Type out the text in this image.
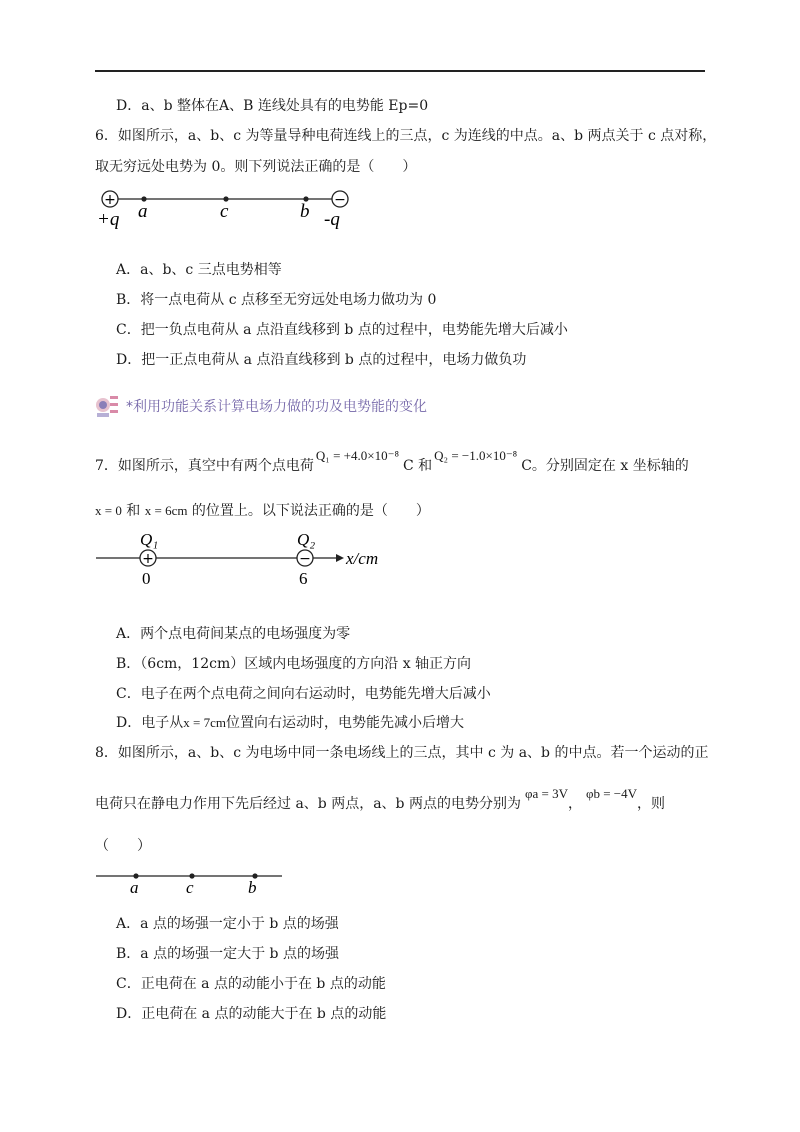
D．a、b 整体在A、B 连线处具有的电势能 Ep=0
6．如图所示，a、b、c 为等量导种电荷连线上的三点，c 为连线的中点。a、b 两点关于 c 点对称，
取无穷远处电势为 0。则下列说法正确的是（　　）
+	−
+q a	c	b -q
A．a、b、c 三点电势相等
B．将一点电荷从 c 点移至无穷远处电场力做功为 0
C．把一负点电荷从 a 点沿直线移到 b 点的过程中，电势能先增大后减小
D．把一正点电荷从 a 点沿直线移到 b 点的过程中，电场力做负功
*利用功能关系计算电场力做的功及电势能的变化
7．如图所示，真空中有两个点电荷Q₁ = +4.0×10⁻⁸C 和Q₂ = −1.0×10⁻⁸C。分别固定在 x 坐标轴的
x = 0 和 x = 6cm 的位置上。以下说法正确的是（　　）
+	−
Q₁	Q₂
0	6
x/cm
A．两个点电荷间某点的电场强度为零
B．（6cm，12cm）区域内电场强度的方向沿 x 轴正方向
C．电子在两个点电荷之间向右运动时，电势能先增大后减小
D．电子从x = 7cm位置向右运动时，电势能先减小后增大
8．如图所示，a、b、c 为电场中同一条电场线上的三点，其中 c 为 a、b 的中点。若一个运动的正
电荷只在静电力作用下先后经过 a、b 两点，a、b 两点的电势分别为φa = 3V，φb = −4V，则
（　　）
a	c	b
A．a 点的场强一定小于 b 点的场强
B．a 点的场强一定大于 b 点的场强
C．正电荷在 a 点的动能小于在 b 点的动能
D．正电荷在 a 点的动能大于在 b 点的动能
